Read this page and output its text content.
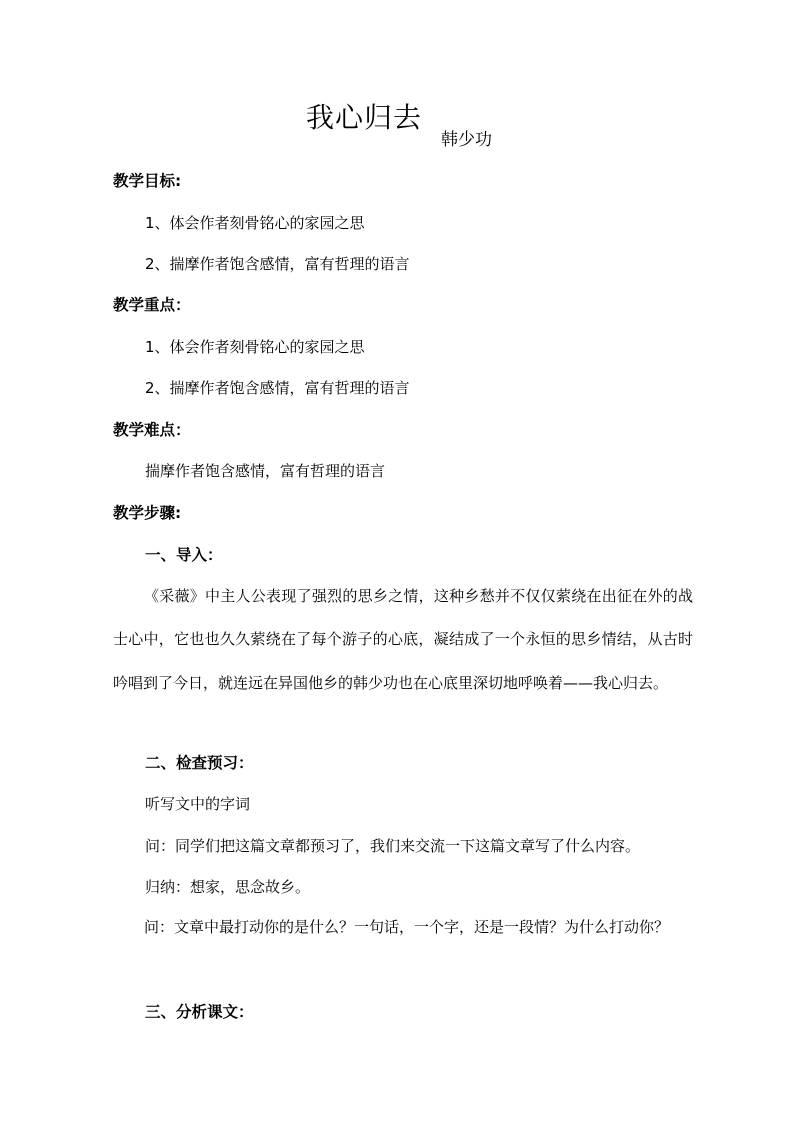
我心归去
韩少功
教学目标:
1、体会作者刻骨铭心的家园之思
2、揣摩作者饱含感情，富有哲理的语言
教学重点：
1、体会作者刻骨铭心的家园之思
2、揣摩作者饱含感情，富有哲理的语言
教学难点：
揣摩作者饱含感情，富有哲理的语言
教学步骤:
一、导入：
《采薇》中主人公表现了强烈的思乡之情，这种乡愁并不仅仅萦绕在出征在外的战士心中，它也也久久萦绕在了每个游子的心底，凝结成了一个永恒的思乡情结，从古时吟唱到了今日，就连远在异国他乡的韩少功也在心底里深切地呼唤着——我心归去。
二、检查预习：
听写文中的字词
问：同学们把这篇文章都预习了，我们来交流一下这篇文章写了什么内容。
归纳：想家，思念故乡。
问：文章中最打动你的是什么？一句话，一个字，还是一段情？为什么打动你？
三、分析课文：
